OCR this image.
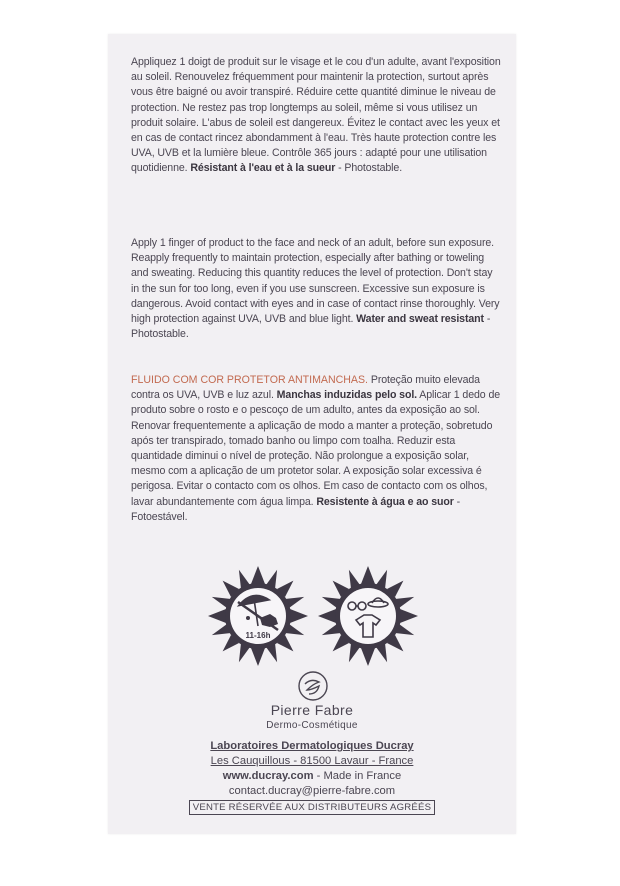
Appliquez 1 doigt de produit sur le visage et le cou d'un adulte, avant l'exposition au soleil. Renouvelez fréquemment pour maintenir la protection, surtout après vous être baigné ou avoir transpiré. Réduire cette quantité diminue le niveau de protection. Ne restez pas trop longtemps au soleil, même si vous utilisez un produit solaire. L'abus de soleil est dangereux. Évitez le contact avec les yeux et en cas de contact rincez abondamment à l'eau. Très haute protection contre les UVA, UVB et la lumière bleue. Contrôle 365 jours : adapté pour une utilisation quotidienne. Résistant à l'eau et à la sueur - Photostable.
Apply 1 finger of product to the face and neck of an adult, before sun exposure. Reapply frequently to maintain protection, especially after bathing or toweling and sweating. Reducing this quantity reduces the level of protection. Don't stay in the sun for too long, even if you use sunscreen. Excessive sun exposure is dangerous. Avoid contact with eyes and in case of contact rinse thoroughly. Very high protection against UVA, UVB and blue light. Water and sweat resistant - Photostable.
FLUIDO COM COR PROTETOR ANTIMANCHAS. Proteção muito elevada contra os UVA, UVB e luz azul. Manchas induzidas pelo sol. Aplicar 1 dedo de produto sobre o rosto e o pescoço de um adulto, antes da exposição ao sol. Renovar frequentemente a aplicação de modo a manter a proteção, sobretudo após ter transpirado, tomado banho ou limpo com toalha. Reduzir esta quantidade diminui o nível de proteção. Não prolongue a exposição solar, mesmo com a aplicação de um protetor solar. A exposição solar excessiva é perigosa. Evitar o contacto com os olhos. Em caso de contacto com os olhos, lavar abundantemente com água limpa. Resistente à água e ao suor - Fotoestável.
11-16h
Pierre Fabre
Dermo-Cosmétique
Laboratoires Dermatologiques Ducray
Les Cauquillous - 81500 Lavaur - France
www.ducray.com - Made in France
contact.ducray@pierre-fabre.com
VENTE RÉSERVÉE AUX DISTRIBUTEURS AGRÉÉS
